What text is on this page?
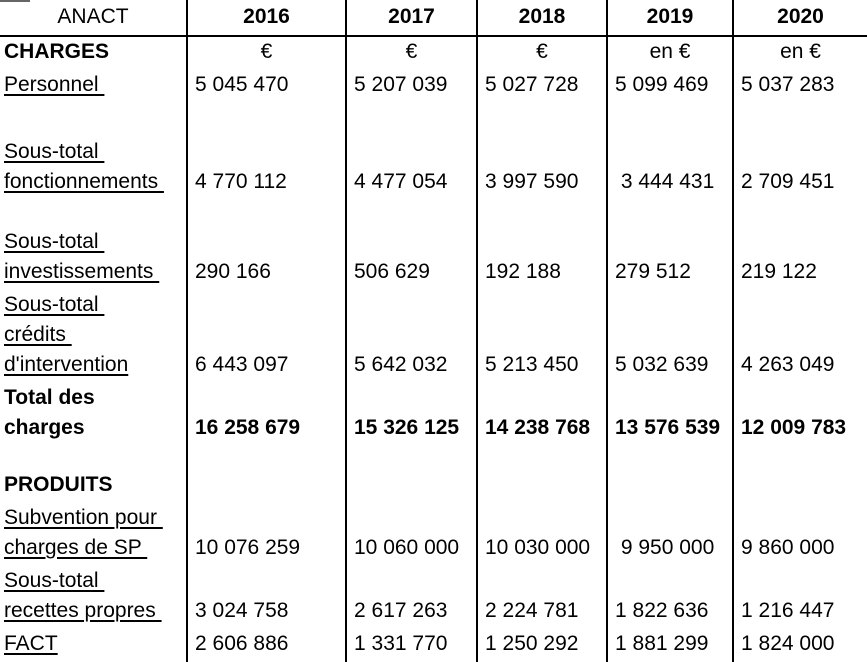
ANACT	2016	2017	2018	2019	2020
CHARGES	€	€	€	en €	en €

Personnel	5 045 470	5 207 039	5 027 728	5 099 469	5 037 283

Sous-total
fonctionnements	4 770 112	4 477 054	3 997 590	3 444 431	2 709 451

Sous-total
investissements	290 166	506 629	192 188	279 512	219 122

Sous-total
crédits
d'intervention	6 443 097	5 642 032	5 213 450	5 032 639	4 263 049

Total des
charges	16 258 679	15 326 125	14 238 768	13 576 539	12 009 783

PRODUITS					

Subvention pour
charges de SP	10 076 259	10 060 000	10 030 000	9 950 000	9 860 000

Sous-total
recettes propres	3 024 758	2 617 263	2 224 781	1 822 636	1 216 447

FACT	2 606 886	1 331 770	1 250 292	1 881 299	1 824 000
